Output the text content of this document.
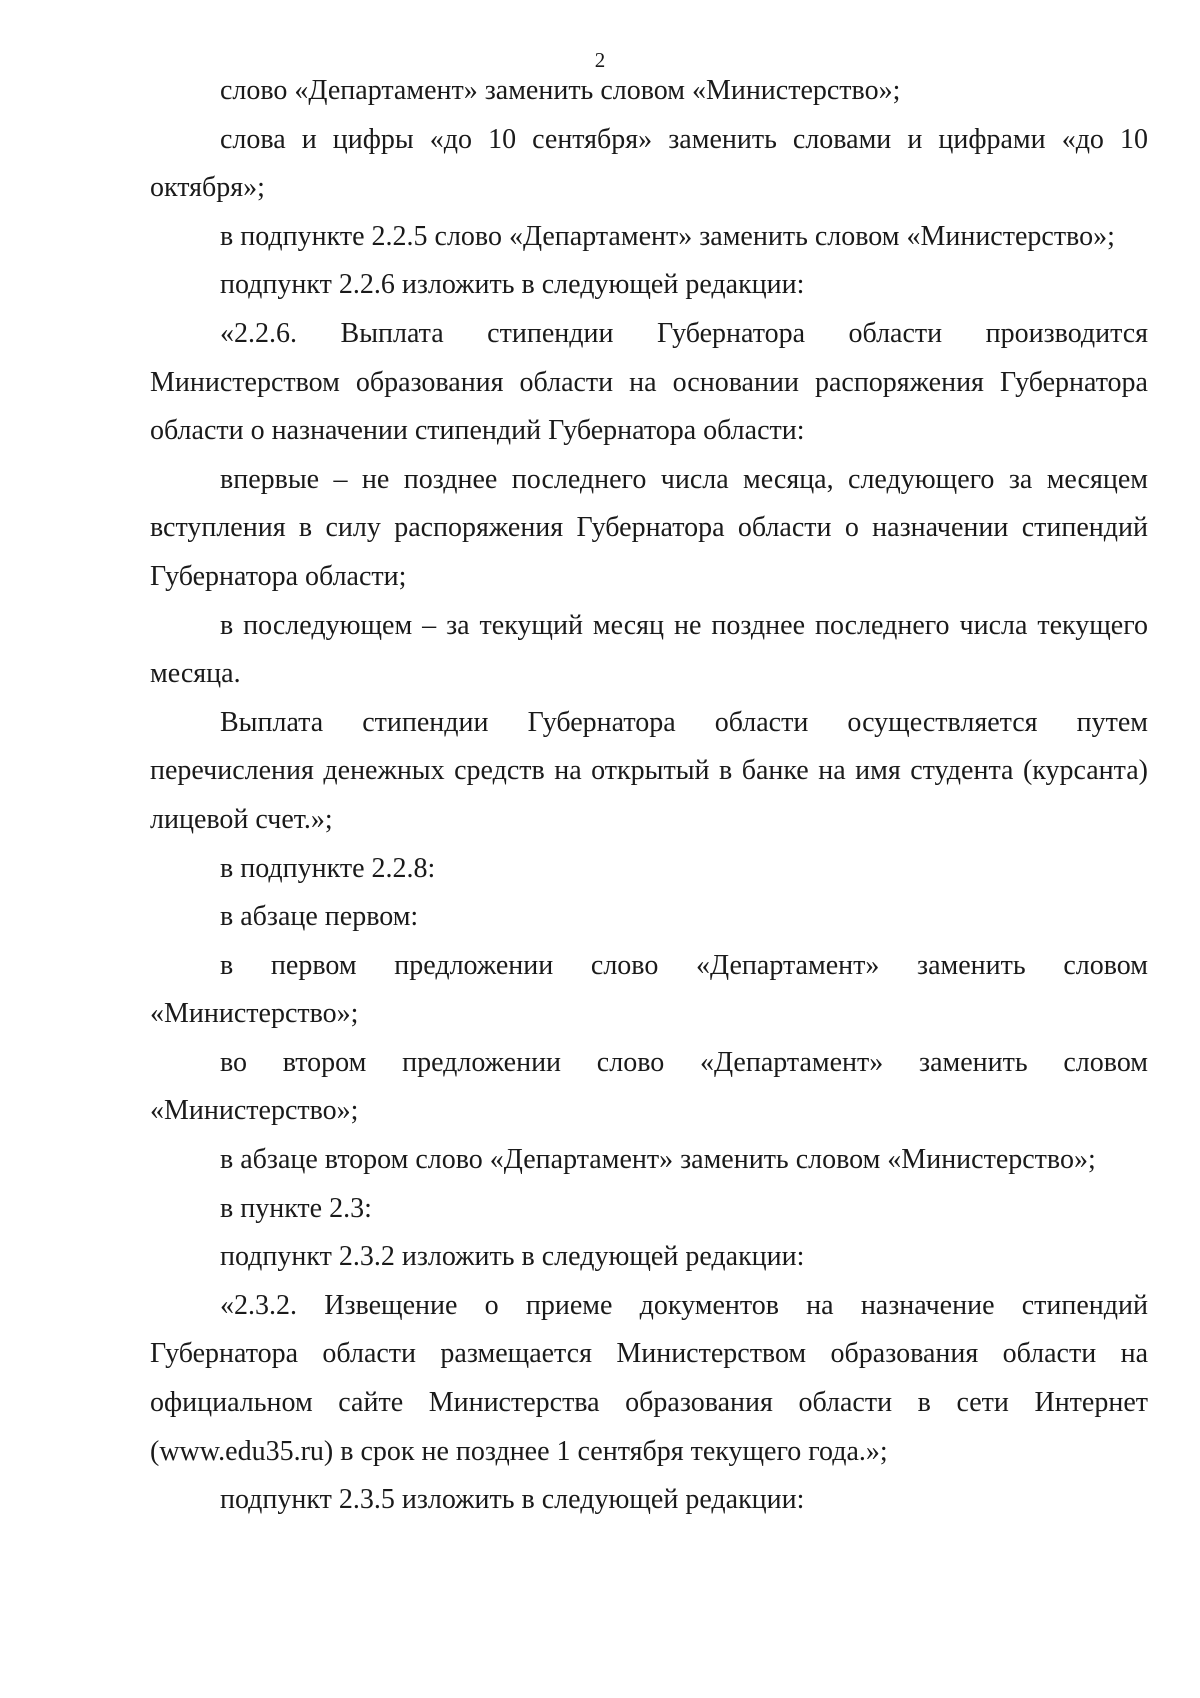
2

слово «Департамент» заменить словом «Министерство»;

слова и цифры «до 10 сентября» заменить словами и цифрами «до 10 октября»;

в подпункте 2.2.5 слово «Департамент» заменить словом «Министерство»;

подпункт 2.2.6 изложить в следующей редакции:

«2.2.6. Выплата стипендии Губернатора области производится Министерством образования области на основании распоряжения Губернатора области о назначении стипендий Губернатора области:

впервые – не позднее последнего числа месяца, следующего за месяцем вступления в силу распоряжения Губернатора области о назначении стипендий Губернатора области;

в последующем – за текущий месяц не позднее последнего числа текущего месяца.

Выплата стипендии Губернатора области осуществляется путем перечисления денежных средств на открытый в банке на имя студента (курсанта) лицевой счет.»;

в подпункте 2.2.8:

в абзаце первом:

в первом предложении слово «Департамент» заменить словом «Министерство»;

во втором предложении слово «Департамент» заменить словом «Министерство»;

в абзаце втором слово «Департамент» заменить словом «Министерство»;

в пункте 2.3:

подпункт 2.3.2 изложить в следующей редакции:

«2.3.2. Извещение о приеме документов на назначение стипендий Губернатора области размещается Министерством образования области на официальном сайте Министерства образования области в сети Интернет (www.edu35.ru) в срок не позднее 1 сентября текущего года.»;

подпункт 2.3.5 изложить в следующей редакции:
